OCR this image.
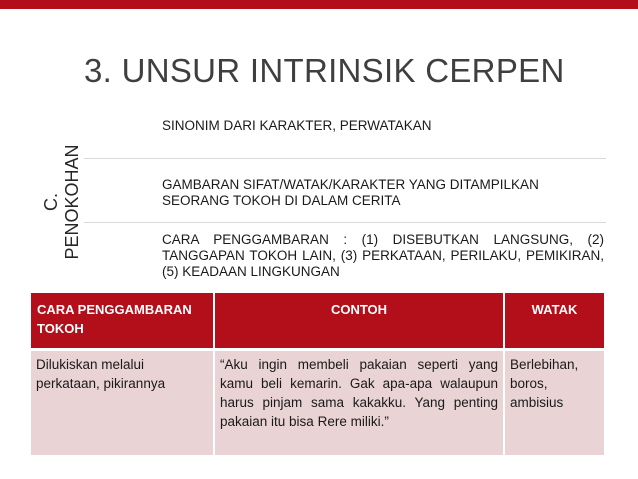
3. UNSUR INTRINSIK CERPEN
C. PENOKOHAN
SINONIM DARI KARAKTER, PERWATAKAN
GAMBARAN SIFAT/WATAK/KARAKTER YANG DITAMPILKAN SEORANG TOKOH DI DALAM CERITA
CARA PENGGAMBARAN : (1) DISEBUTKAN LANGSUNG, (2) TANGGAPAN TOKOH LAIN, (3) PERKATAAN, PERILAKU, PEMIKIRAN, (5) KEADAAN LINGKUNGAN
CARA PENGGAMBARAN TOKOH	CONTOH	WATAK
Dilukiskan melalui perkataan, pikirannya	“Aku ingin membeli pakaian seperti yang kamu beli kemarin. Gak apa-apa walaupun harus pinjam sama kakakku. Yang penting pakaian itu bisa Rere miliki.”	Berlebihan, boros, ambisius
